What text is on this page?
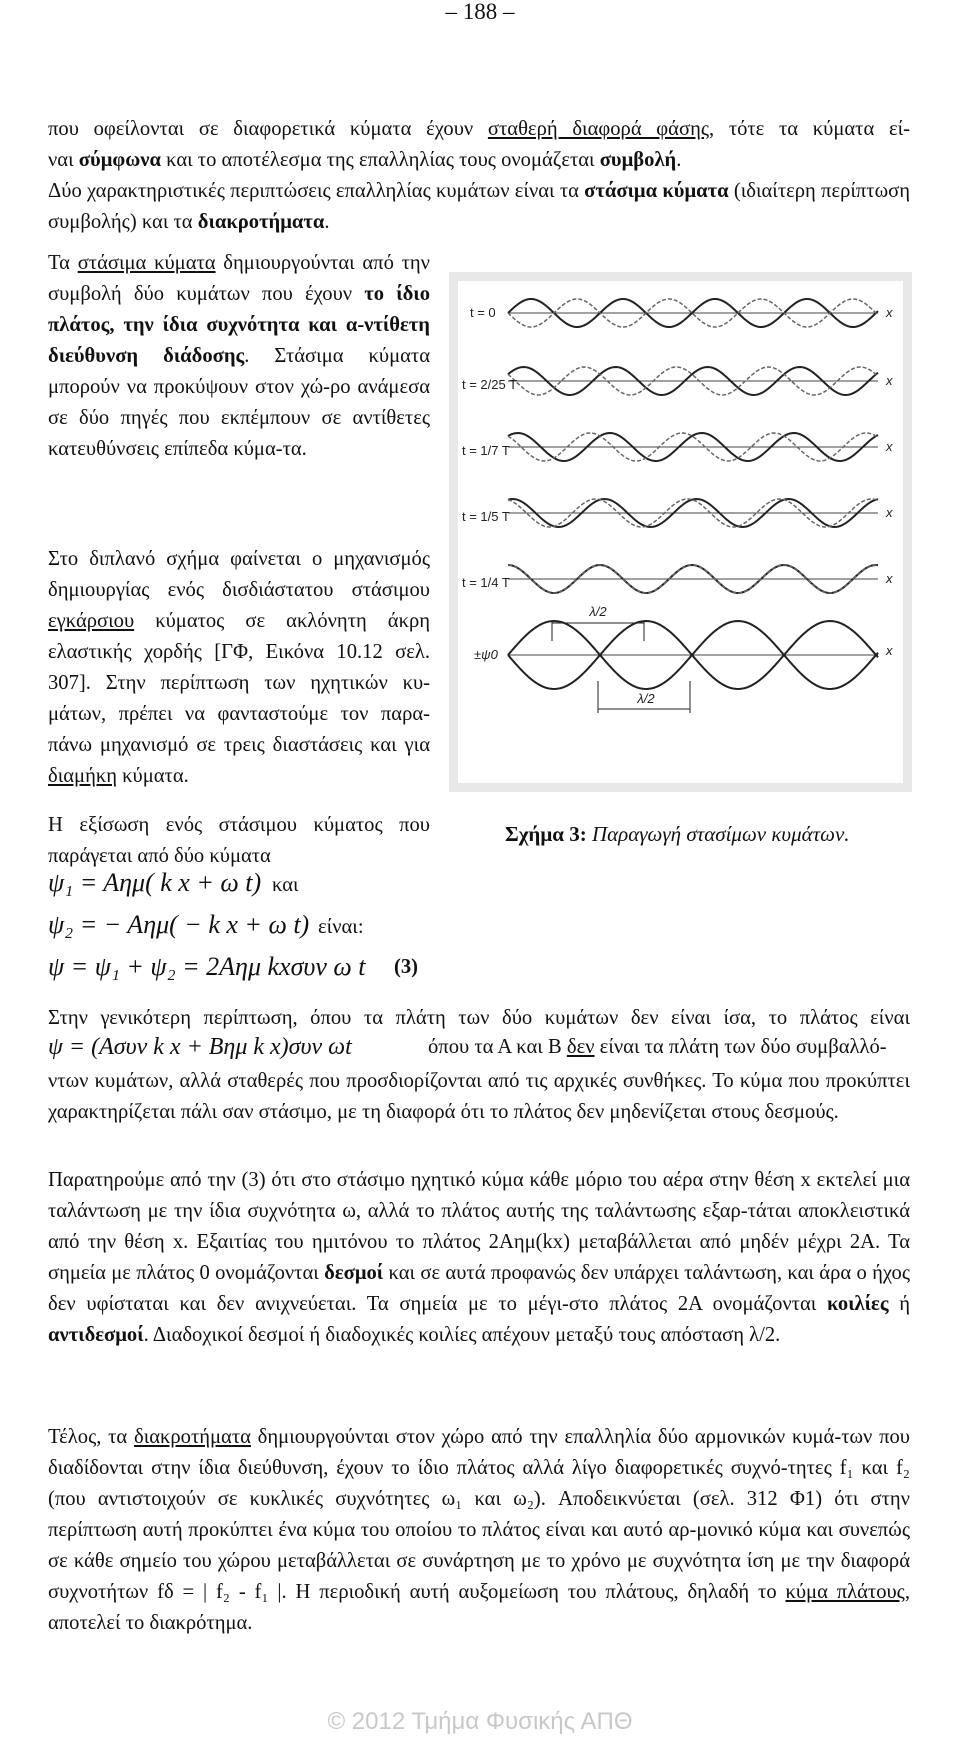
– 188 –

που οφείλονται σε διαφορετικά κύματα έχουν σταθερή διαφορά φάσης, τότε τα κύματα εί-

ναι σύμφωνα και το αποτέλεσμα της επαλληλίας τους ονομάζεται συμβολή.

Δύο χαρακτηριστικές περιπτώσεις επαλληλίας κυμάτων είναι τα στάσιμα κύματα (ιδιαίτερη περίπτωση συμβολής) και τα διακροτήματα.

Τα στάσιμα κύματα δημιουργούνται από την συμβολή δύο κυμάτων που έχουν το ίδιο πλάτος, την ίδια συχνότητα και α-ντίθετη διεύθυνση διάδοσης. Στάσιμα κύματα μπορούν να προκύψουν στον χώ-ρο ανάμεσα σε δύο πηγές που εκπέμπουν σε αντίθετες κατευθύνσεις επίπεδα κύμα-τα.

Στο διπλανό σχήμα φαίνεται ο μηχανισμός δημιουργίας ενός δισδιάστατου στάσιμου εγκάρσιου κύματος σε ακλόνητη άκρη ελαστικής χορδής [ΓΦ, Εικόνα 10.12 σελ. 307]. Στην περίπτωση των ηχητικών κυ-μάτων, πρέπει να φανταστούμε τον παρα-πάνω μηχανισμό σε τρεις διαστάσεις και για διαμήκη κύματα.

Η εξίσωση ενός στάσιμου κύματος που παράγεται από δύο κύματα

ψ₁ = Αημ( k x + ω t) και
ψ₂ = − Αημ( − k x + ω t) είναι:
ψ = ψ₁ + ψ₂ = 2Αημ kxσυν ω t (3)
t = 0
t = 2/25 T
t = 1/7 T
t = 1/5 T
t = 1/4 T
±ψ0
x
x
x
x
x
x
λ/2
λ/2
Σχήμα 3: Παραγωγή στασίμων κυμάτων.

Στην γενικότερη περίπτωση, όπου τα πλάτη των δύο κυμάτων δεν είναι ίσα, το πλάτος είναι

ψ = (Ασυν k x + Βημ k x)συν ωt	όπου τα Α και Β δεν είναι τα πλάτη των δύο συμβαλλό-

ντων κυμάτων, αλλά σταθερές που προσδιορίζονται από τις αρχικές συνθήκες. Το κύμα που προκύπτει χαρακτηρίζεται πάλι σαν στάσιμο, με τη διαφορά ότι το πλάτος δεν μηδενίζεται στους δεσμούς.

Παρατηρούμε από την (3) ότι στο στάσιμο ηχητικό κύμα κάθε μόριο του αέρα στην θέση x εκτελεί μια ταλάντωση με την ίδια συχνότητα ω, αλλά το πλάτος αυτής της ταλάντωσης εξαρ-τάται αποκλειστικά από την θέση x. Εξαιτίας του ημιτόνου το πλάτος 2Αημ(kx) μεταβάλλεται από μηδέν μέχρι 2Α. Τα σημεία με πλάτος 0 ονομάζονται δεσμοί και σε αυτά προφανώς δεν υπάρχει ταλάντωση, και άρα ο ήχος δεν υφίσταται και δεν ανιχνεύεται. Τα σημεία με το μέγι-στο πλάτος 2Α ονομάζονται κοιλίες ή αντιδεσμοί. Διαδοχικοί δεσμοί ή διαδοχικές κοιλίες απέχουν μεταξύ τους απόσταση λ/2.

Τέλος, τα διακροτήματα δημιουργούνται στον χώρο από την επαλληλία δύο αρμονικών κυμά-των που διαδίδονται στην ίδια διεύθυνση, έχουν το ίδιο πλάτος αλλά λίγο διαφορετικές συχνό-τητες f₁ και f₂ (που αντιστοιχούν σε κυκλικές συχνότητες ω₁ και ω₂). Αποδεικνύεται (σελ. 312 Φ1) ότι στην περίπτωση αυτή προκύπτει ένα κύμα του οποίου το πλάτος είναι και αυτό αρ-μονικό κύμα και συνεπώς σε κάθε σημείο του χώρου μεταβάλλεται σε συνάρτηση με το χρόνο με συχνότητα ίση με την διαφορά συχνοτήτων fδ = | f₂ - f₁ |. Η περιοδική αυτή αυξομείωση του πλάτους, δηλαδή το κύμα πλάτους, αποτελεί το διακρότημα.

© 2012 Τμήμα Φυσικής ΑΠΘ
